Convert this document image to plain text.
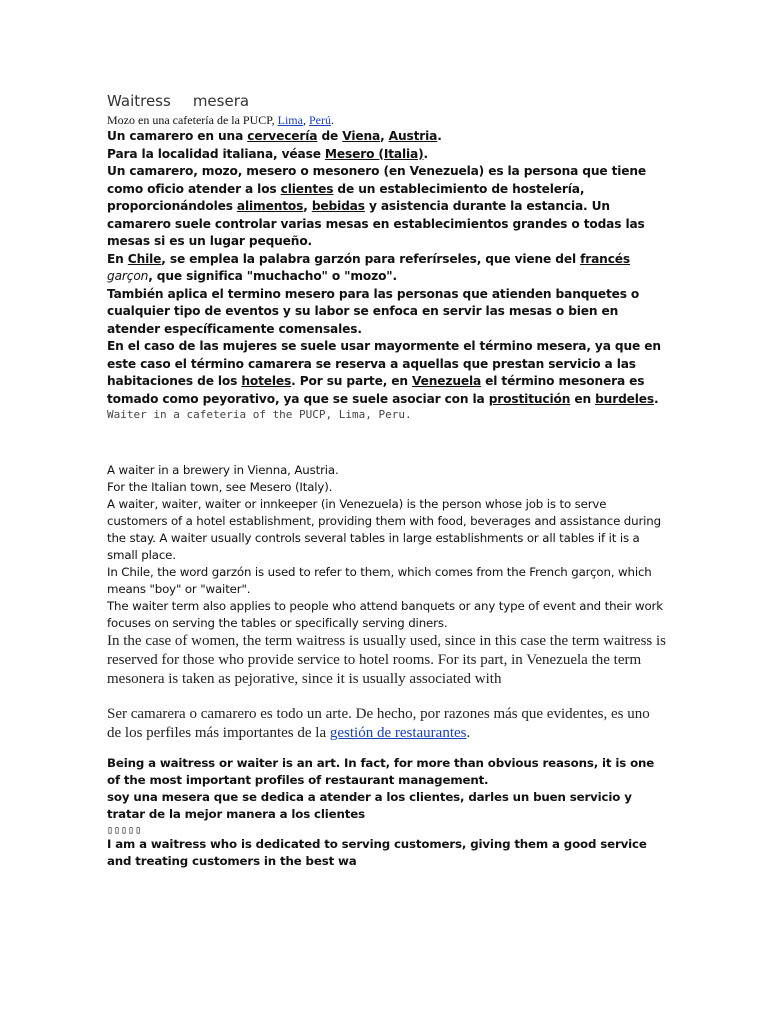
Waitress mesera

Mozo en una cafetería de la PUCP, Lima, Perú.

Un camarero en una cervecería de Viena, Austria.

Para la localidad italiana, véase Mesero (Italia).

Un camarero, mozo, mesero o mesonero (en Venezuela) es la persona que tiene como oficio atender a los clientes de un establecimiento de hostelería, proporcionándoles alimentos, bebidas y asistencia durante la estancia. Un camarero suele controlar varias mesas en establecimientos grandes o todas las mesas si es un lugar pequeño.

En Chile, se emplea la palabra garzón para referírseles, que viene del francés garçon, que significa "muchacho" o "mozo".

También aplica el termino mesero para las personas que atienden banquetes o cualquier tipo de eventos y su labor se enfoca en servir las mesas o bien en atender específicamente comensales.

En el caso de las mujeres se suele usar mayormente el término mesera, ya que en este caso el término camarera se reserva a aquellas que prestan servicio a las habitaciones de los hoteles. Por su parte, en Venezuela el término mesonera es tomado como peyorativo, ya que se suele asociar con la prostitución en burdeles.

Waiter in a cafeteria of the PUCP, Lima, Peru.

A waiter in a brewery in Vienna, Austria.

For the Italian town, see Mesero (Italy).

A waiter, waiter, waiter or innkeeper (in Venezuela) is the person whose job is to serve customers of a hotel establishment, providing them with food, beverages and assistance during the stay. A waiter usually controls several tables in large establishments or all tables if it is a small place.

In Chile, the word garzón is used to refer to them, which comes from the French garçon, which means "boy" or "waiter".

The waiter term also applies to people who attend banquets or any type of event and their work focuses on serving the tables or specifically serving diners.

In the case of women, the term waitress is usually used, since in this case the term waitress is reserved for those who provide service to hotel rooms. For its part, in Venezuela the term mesonera is taken as pejorative, since it is usually associated with

Ser camarera o camarero es todo un arte. De hecho, por razones más que evidentes, es uno de los perfiles más importantes de la gestión de restaurantes.

Being a waitress or waiter is an art. In fact, for more than obvious reasons, it is one of the most important profiles of restaurant management.

soy una mesera que se dedica a atender a los clientes, darles un buen servicio y tratar de la mejor manera a los clientes

▯▯▯▯▯

I am a waitress who is dedicated to serving customers, giving them a good service and treating customers in the best wa
